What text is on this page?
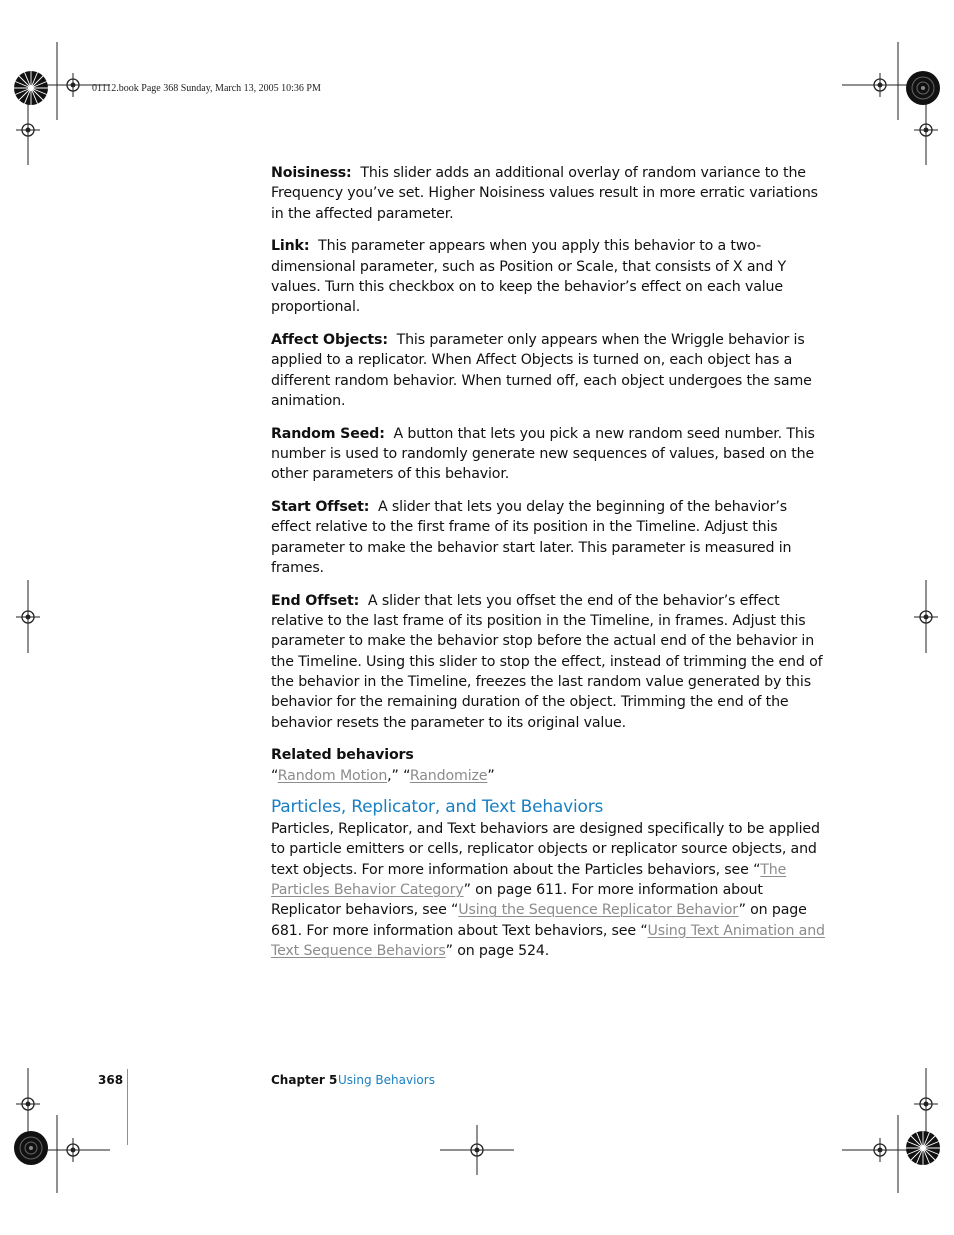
01112.book Page 368 Sunday, March 13, 2005 10:36 PM

Noisiness: This slider adds an additional overlay of random variance to the Frequency you’ve set. Higher Noisiness values result in more erratic variations in the affected parameter.

Link: This parameter appears when you apply this behavior to a two-dimensional parameter, such as Position or Scale, that consists of X and Y values. Turn this checkbox on to keep the behavior’s effect on each value proportional.

Affect Objects: This parameter only appears when the Wriggle behavior is applied to a replicator. When Affect Objects is turned on, each object has a different random behavior. When turned off, each object undergoes the same animation.

Random Seed: A button that lets you pick a new random seed number. This number is used to randomly generate new sequences of values, based on the other parameters of this behavior.

Start Offset: A slider that lets you delay the beginning of the behavior’s effect relative to the first frame of its position in the Timeline. Adjust this parameter to make the behavior start later. This parameter is measured in frames.

End Offset: A slider that lets you offset the end of the behavior’s effect relative to the last frame of its position in the Timeline, in frames. Adjust this parameter to make the behavior stop before the actual end of the behavior in the Timeline. Using this slider to stop the effect, instead of trimming the end of the behavior in the Timeline, freezes the last random value generated by this behavior for the remaining duration of the object. Trimming the end of the behavior resets the parameter to its original value.

Related behaviors

“Random Motion,” “Randomize”

Particles, Replicator, and Text Behaviors

Particles, Replicator, and Text behaviors are designed specifically to be applied to particle emitters or cells, replicator objects or replicator source objects, and text objects. For more information about the Particles behaviors, see “The Particles Behavior Category” on page 611. For more information about Replicator behaviors, see “Using the Sequence Replicator Behavior” on page 681. For more information about Text behaviors, see “Using Text Animation and Text Sequence Behaviors” on page 524.

368	Chapter 5 Using Behaviors
